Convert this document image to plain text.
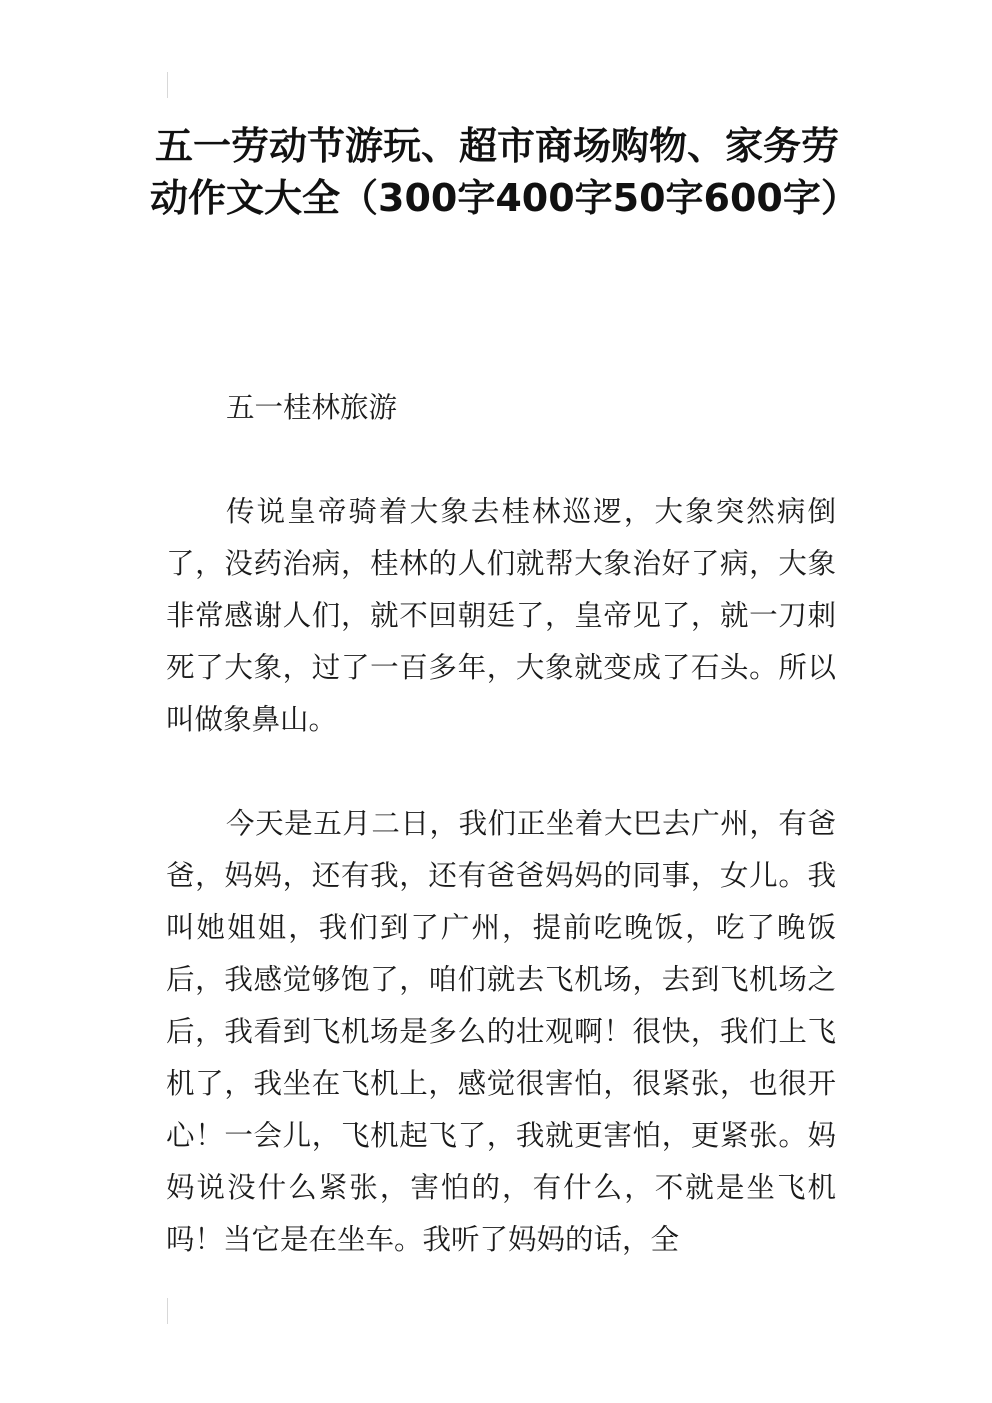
五一劳动节游玩、超市商场购物、家务劳动作文大全（300字400字50字600字）

五一桂林旅游

传说皇帝骑着大象去桂林巡逻，大象突然病倒了，没药治病，桂林的人们就帮大象治好了病，大象非常感谢人们，就不回朝廷了，皇帝见了，就一刀刺死了大象，过了一百多年，大象就变成了石头。所以叫做象鼻山。

今天是五月二日，我们正坐着大巴去广州，有爸爸，妈妈，还有我，还有爸爸妈妈的同事，女儿。我叫她姐姐，我们到了广州，提前吃晚饭，吃了晚饭后，我感觉够饱了，咱们就去飞机场，去到飞机场之后，我看到飞机场是多么的壮观啊！很快，我们上飞机了，我坐在飞机上，感觉很害怕，很紧张，也很开心！一会儿，飞机起飞了，我就更害怕，更紧张。妈妈说没什么紧张，害怕的，有什么，不就是坐飞机吗！当它是在坐车。我听了妈妈的话，全
